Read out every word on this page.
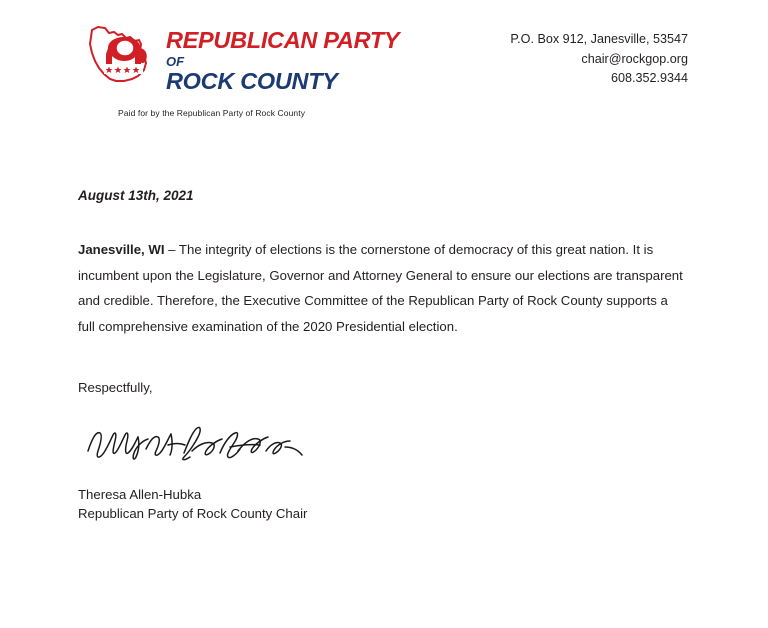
REPUBLICAN PARTY
OF
ROCK COUNTY
Paid for by the Republican Party of Rock County
P.O. Box 912, Janesville, 53547
chair@rockgop.org
608.352.9344
August 13th, 2021

Janesville, WI – The integrity of elections is the cornerstone of democracy of this great nation. It is incumbent upon the Legislature, Governor and Attorney General to ensure our elections are transparent and credible. Therefore, the Executive Committee of the Republican Party of Rock County supports a full comprehensive examination of the 2020 Presidential election.

Respectfully,
Theresa Allen-Hubka
Republican Party of Rock County Chair
